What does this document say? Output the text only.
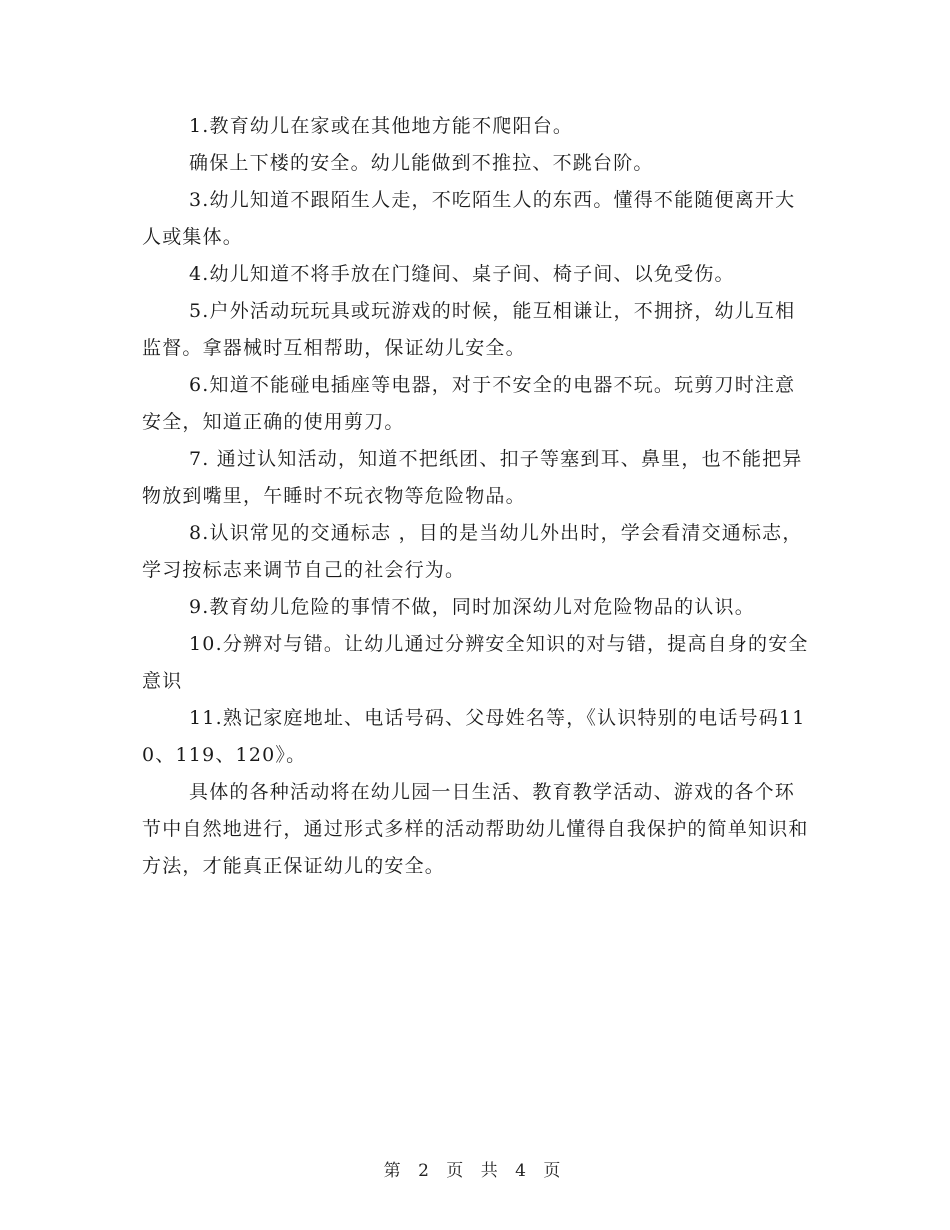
1.教育幼儿在家或在其他地方能不爬阳台。

确保上下楼的安全。幼儿能做到不推拉、不跳台阶。

3.幼儿知道不跟陌生人走，不吃陌生人的东西。懂得不能随便离开大人或集体。

4.幼儿知道不将手放在门缝间、桌子间、椅子间、以免受伤。

5.户外活动玩玩具或玩游戏的时候，能互相谦让，不拥挤，幼儿互相监督。拿器械时互相帮助，保证幼儿安全。

6.知道不能碰电插座等电器，对于不安全的电器不玩。玩剪刀时注意安全，知道正确的使用剪刀。

7. 通过认知活动，知道不把纸团、扣子等塞到耳、鼻里，也不能把异物放到嘴里，午睡时不玩衣物等危险物品。

8.认识常见的交通标志 ，目的是当幼儿外出时，学会看清交通标志，学习按标志来调节自己的社会行为。

9.教育幼儿危险的事情不做，同时加深幼儿对危险物品的认识。

10.分辨对与错。让幼儿通过分辨安全知识的对与错，提高自身的安全意识

11.熟记家庭地址、电话号码、父母姓名等，《认识特别的电话号码110、119、120》。

具体的各种活动将在幼儿园一日生活、教育教学活动、游戏的各个环节中自然地进行，通过形式多样的活动帮助幼儿懂得自我保护的简单知识和方法，才能真正保证幼儿的安全。

第 2 页 共 4 页
